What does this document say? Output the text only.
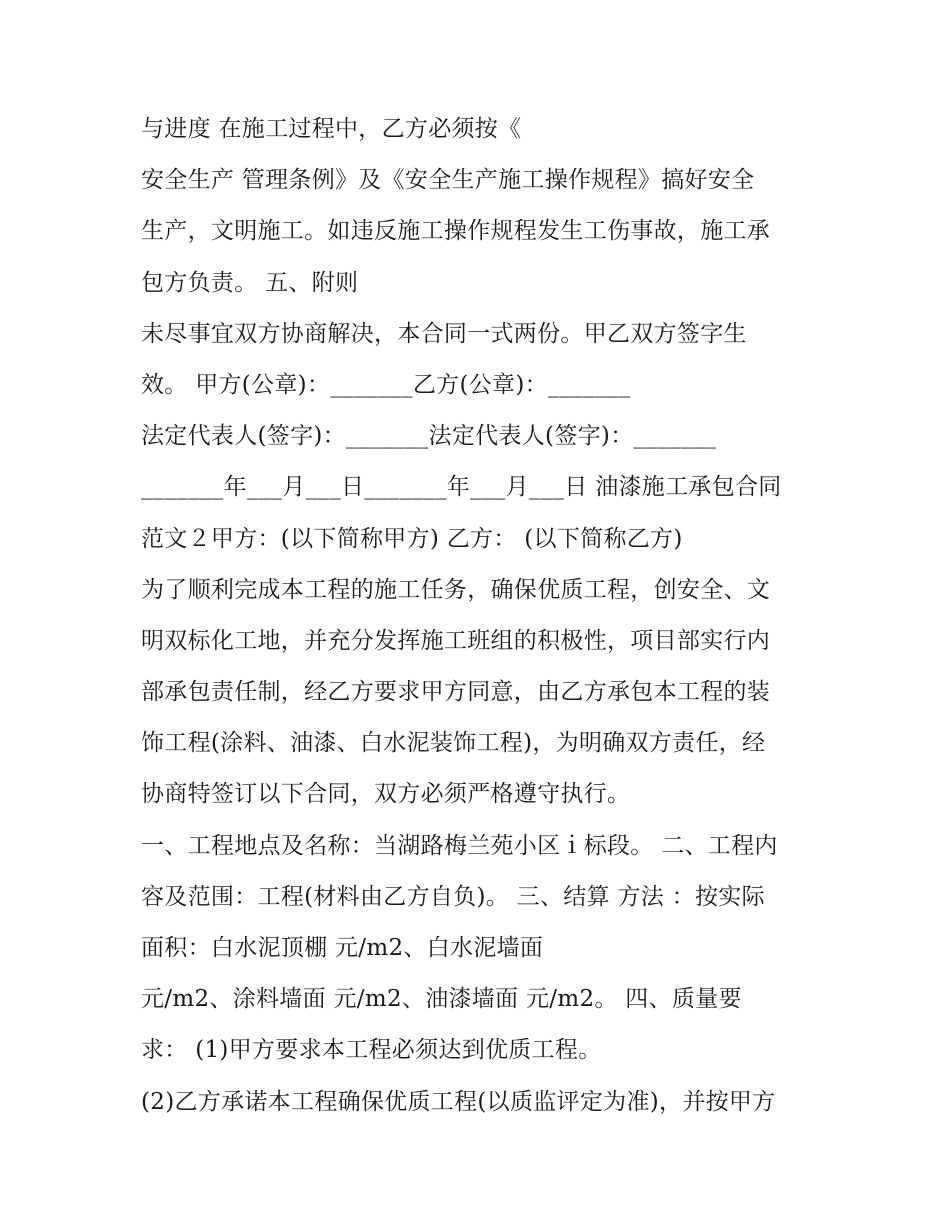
与进度 在施工过程中，乙方必须按《
安全生产 管理条例》及《安全生产施工操作规程》搞好安全
生产，文明施工。如违反施工操作规程发生工伤事故，施工承
包方负责。 五、附则
未尽事宜双方协商解决，本合同一式两份。甲乙双方签字生
效。 甲方(公章)：_______乙方(公章)：_______
法定代表人(签字)：_______法定代表人(签字)：_______
_______年___月___日_______年___月___日 油漆施工承包合同
范文２甲方：(以下简称甲方) 乙方： (以下简称乙方)
为了顺利完成本工程的施工任务，确保优质工程，创安全、文
明双标化工地，并充分发挥施工班组的积极性，项目部实行内
部承包责任制，经乙方要求甲方同意，由乙方承包本工程的装
饰工程(涂料、油漆、白水泥装饰工程)，为明确双方责任，经
协商特签订以下合同，双方必须严格遵守执行。
一、工程地点及名称：当湖路梅兰苑小区ｉ标段。 二、工程内
容及范围：工程(材料由乙方自负)。 三、结算 方法 ：按实际
面积：白水泥顶棚 元/m2、白水泥墙面
元/m2、涂料墙面 元/m2、油漆墙面 元/m2。 四、质量要
求： (1)甲方要求本工程必须达到优质工程。
(2)乙方承诺本工程确保优质工程(以质监评定为准)，并按甲方
